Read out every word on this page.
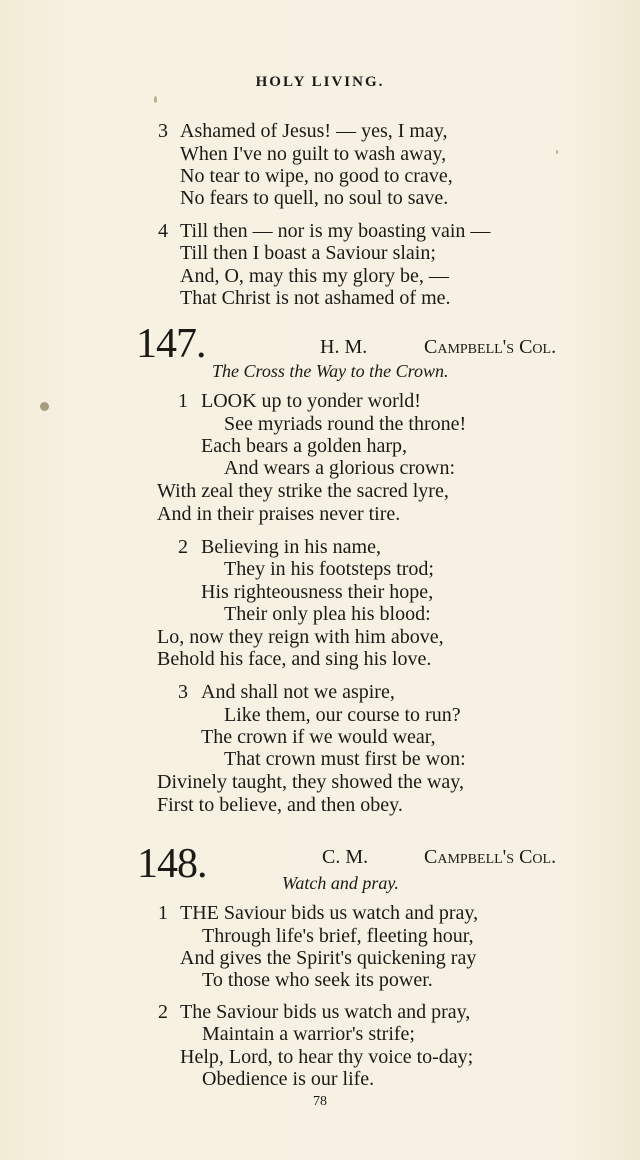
HOLY LIVING.
3 Ashamed of Jesus! — yes, I may,
When I've no guilt to wash away,
No tear to wipe, no good to crave,
No fears to quell, no soul to save.
4 Till then — nor is my boasting vain —
Till then I boast a Saviour slain;
And, O, may this my glory be, —
That Christ is not ashamed of me.
147.	H. M.	Campbell's Col.
The Cross the Way to the Crown.
1 LOOK up to yonder world!
See myriads round the throne!
Each bears a golden harp,
And wears a glorious crown:
With zeal they strike the sacred lyre,
And in their praises never tire.
2 Believing in his name,
They in his footsteps trod;
His righteousness their hope,
Their only plea his blood:
Lo, now they reign with him above,
Behold his face, and sing his love.
3 And shall not we aspire,
Like them, our course to run?
The crown if we would wear,
That crown must first be won:
Divinely taught, they showed the way,
First to believe, and then obey.
148.	C. M.	Campbell's Col.
Watch and pray.
1 THE Saviour bids us watch and pray,
Through life's brief, fleeting hour,
And gives the Spirit's quickening ray
To those who seek its power.
2 The Saviour bids us watch and pray,
Maintain a warrior's strife;
Help, Lord, to hear thy voice to-day;
Obedience is our life.
78
